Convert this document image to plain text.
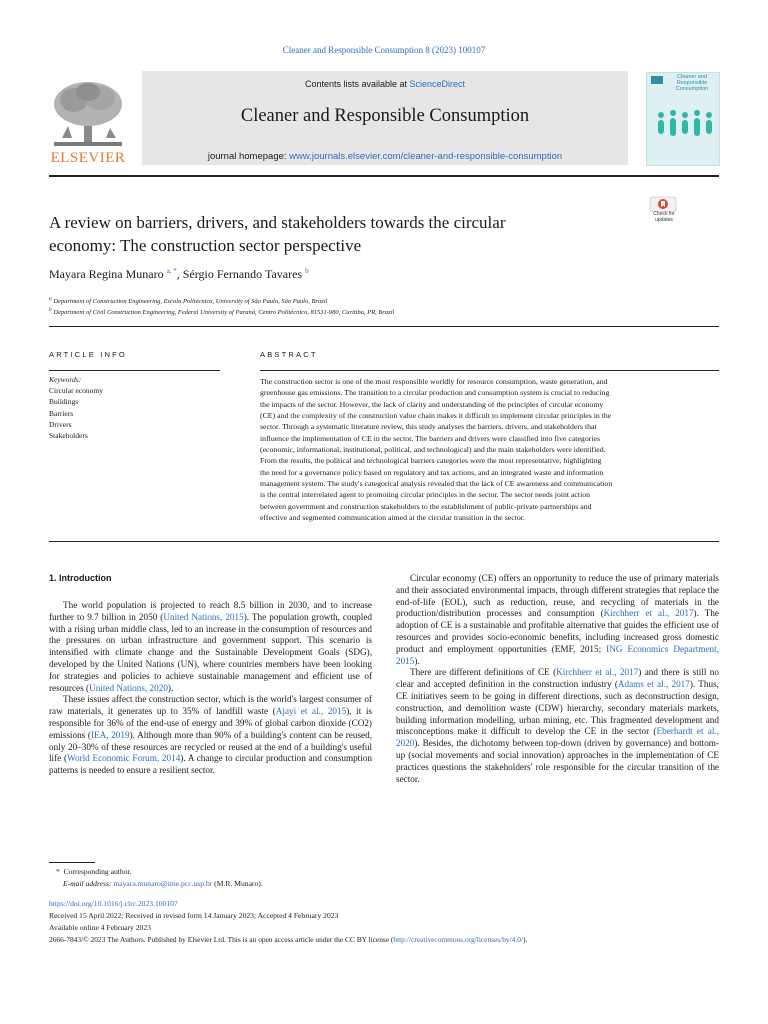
Cleaner and Responsible Consumption 8 (2023) 100107
ELSEVIER
Contents lists available at ScienceDirect
Cleaner and Responsible Consumption
journal homepage: www.journals.elsevier.com/cleaner-and-responsible-consumption
Cleaner and Responsible Consumption
Check for updates
A review on barriers, drivers, and stakeholders towards the circular
economy: The construction sector perspective
Mayara Regina Munaro $^{a, *}$, Sérgio Fernando Tavares $^b$
$^a$ Department of Construction Engineering, Escola Politécnica, University of São Paulo, São Paulo, Brazil
$^b$ Department of Civil Construction Engineering, Federal University of Paraná, Centro Politécnico, 81531-980, Curitiba, PR, Brazil
ARTICLE INFO
Keywords:
Circular economy
Buildings
Barriers
Drivers
Stakeholders
ABSTRACT
The construction sector is one of the most responsible worldly for resource consumption, waste generation, and
greenhouse gas emissions. The transition to a circular production and consumption system is crucial to reducing
the impacts of the sector. However, the lack of clarity and understanding of the principles of circular economy
(CE) and the complexity of the construction value chain makes it difficult to implement circular principles in the
sector. Through a systematic literature review, this study analyses the barriers, drivers, and stakeholders that
influence the implementation of CE in the sector. The barriers and drivers were classified into five categories
(economic, informational, institutional, political, and technological) and the main stakeholders were identified.
From the results, the political and technological barriers categories were the most representative, highlighting
the need for a governance policy based on regulatory and tax actions, and an integrated waste and information
management system. The study's categorical analysis revealed that the lack of CE awareness and communication
is the central interrelated agent to promoting circular principles in the sector. The sector needs joint action
between government and construction stakeholders to the establishment of public-private partnerships and
effective and segmented communication aimed at the circular transition in the sector.
1. Introduction

The world population is projected to reach 8.5 billion in 2030, and to increase further to 9.7 billion in 2050 (United Nations, 2015). The population growth, coupled with a rising urban middle class, led to an increase in the consumption of resources and the pressures on urban infrastructure and government support. This scenario is intensified with climate change and the Sustainable Development Goals (SDG), developed by the United Nations (UN), where countries members have been looking for strategies and policies to achieve sustainable management and efficient use of resources (United Nations, 2020).

These issues affect the construction sector, which is the world's largest consumer of raw materials, it generates up to 35% of landfill waste (Ajayi et al., 2015), it is responsible for 36% of the end-use of energy and 39% of global carbon dioxide (CO2) emissions (IEA, 2019). Although more than 90% of a building's content can be reused, only 20–30% of these resources are recycled or reused at the end of a building's useful life (World Economic Forum, 2014). A change to circular production and consumption patterns is needed to ensure a resilient sector.

Circular economy (CE) offers an opportunity to reduce the use of primary materials and their associated environmental impacts, through different strategies that replace the end-of-life (EOL), such as reduction, reuse, and recycling of materials in the production/distribution processes and consumption (Kirchherr et al., 2017). The adoption of CE is a sustainable and profitable alternative that guides the efficient use of resources and provides socio-economic benefits, including increased gross domestic product and employment opportunities (EMF, 2015; ING Economics Department, 2015).

There are different definitions of CE (Kirchherr et al., 2017) and there is still no clear and accepted definition in the construction industry (Adams et al., 2017). Thus, CE initiatives seem to be going in different directions, such as deconstruction design, construction, and demolition waste (CDW) hierarchy, secondary materials markets, building information modelling, urban mining, etc. This fragmented development and misconceptions make it difficult to develop the CE in the sector (Eberhardt et al., 2020). Besides, the dichotomy between top-down (driven by governance) and bottom-up (social movements and social innovation) approaches in the implementation of CE practices questions the stakeholders' role responsible for the circular transition of the sector.

* Corresponding author.
E-mail address: mayara.munaro@ime.pcc.usp.br (M.R. Munaro).
https://doi.org/10.1016/j.clrc.2023.100107
Received 15 April 2022; Received in revised form 14 January 2023; Accepted 4 February 2023
Available online 4 February 2023
2666-7843/© 2023 The Authors. Published by Elsevier Ltd. This is an open access article under the CC BY license (http://creativecommons.org/licenses/by/4.0/).
